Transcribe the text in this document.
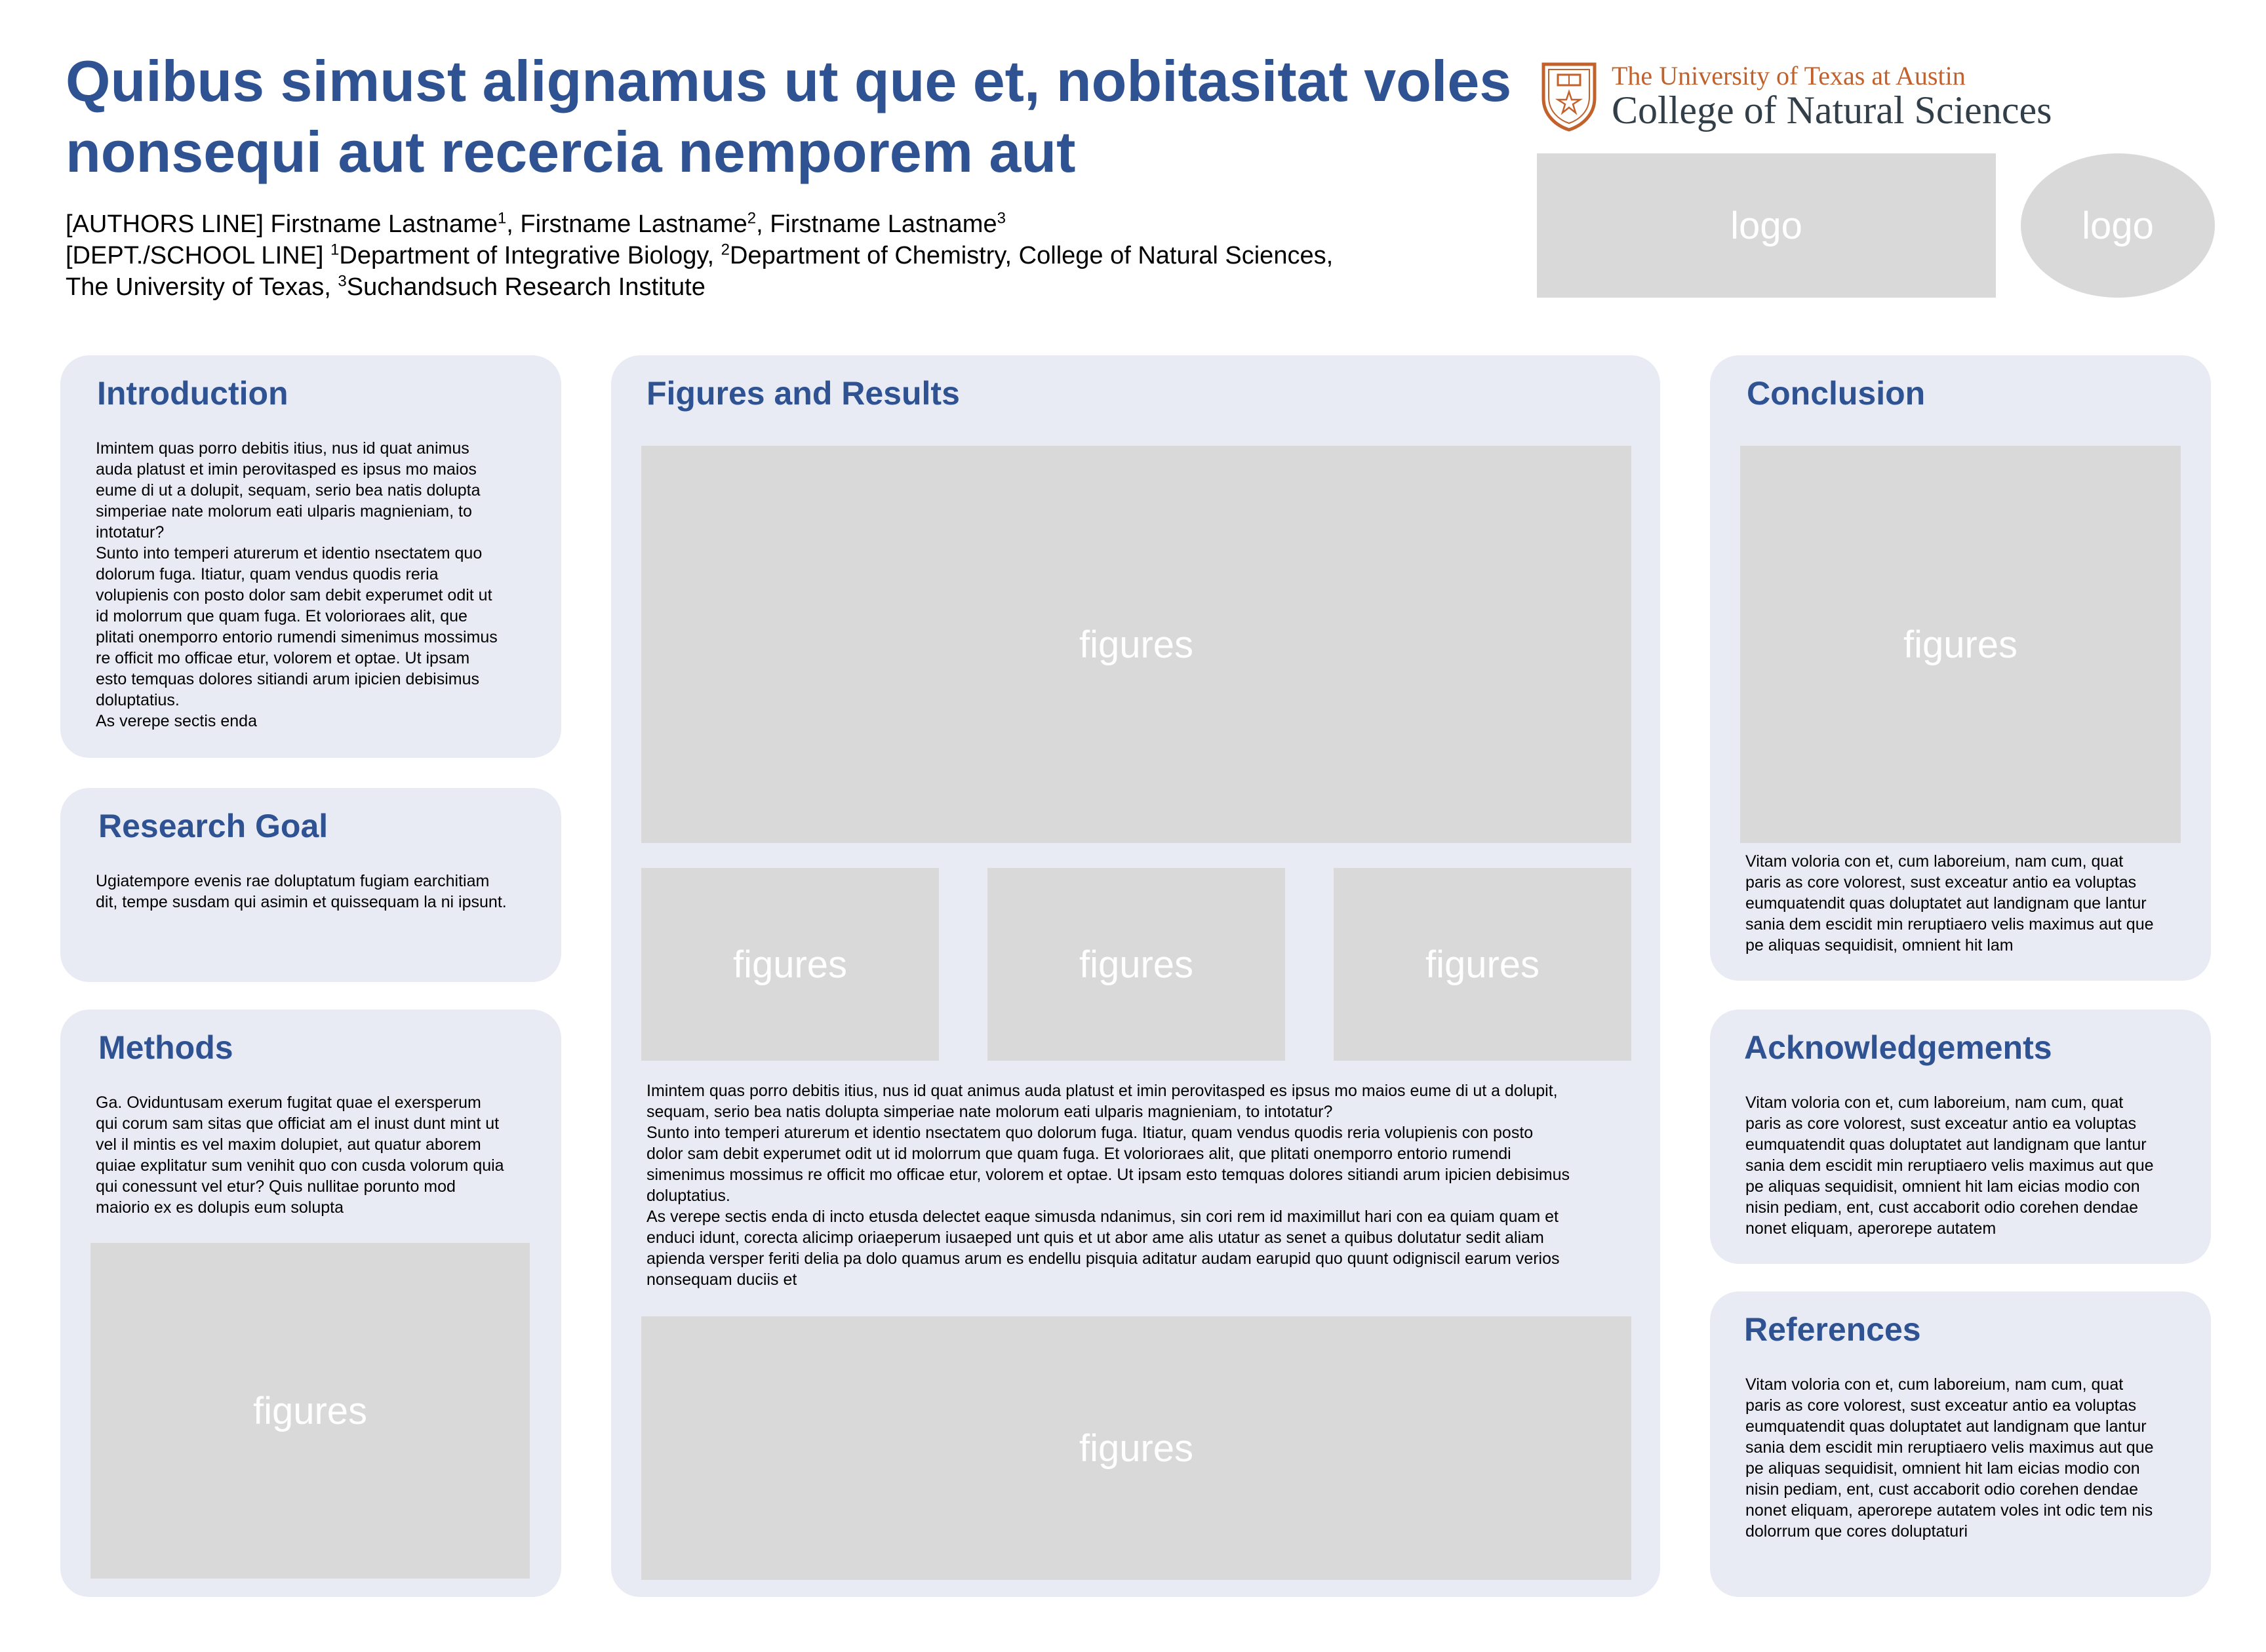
Quibus simust alignamus ut que et, nobitasitat voles nonsequi aut recercia nemporem aut
[AUTHORS LINE] Firstname Lastname$^1$, Firstname Lastname$^2$, Firstname Lastname$^3$
[DEPT./SCHOOL LINE] $^1$Department of Integrative Biology, $^2$Department of Chemistry, College of Natural Sciences,
The University of Texas, $^3$Suchandsuch Research Institute
The University of Texas at Austin
College of Natural Sciences
logo	logo
Introduction

Imintem quas porro debitis itius, nus id quat animus
auda platust et imin perovitasped es ipsus mo maios
eume di ut a dolupit, sequam, serio bea natis dolupta
simperiae nate molorum eati ulparis magnieniam, to
intotatur?
Sunto into temperi aturerum et identio nsectatem quo
dolorum fuga. Itiatur, quam vendus quodis reria
volupienis con posto dolor sam debit experumet odit ut
id molorrum que quam fuga. Et volorioraes alit, que
plitati onemporro entorio rumendi simenimus mossimus
re officit mo officae etur, volorem et optae. Ut ipsam
esto temquas dolores sitiandi arum ipicien debisimus
doluptatius.
As verepe sectis enda

Research Goal

Ugiatempore evenis rae doluptatum fugiam earchitiam
dit, tempe susdam qui asimin et quissequam la ni ipsunt.

Methods

Ga. Oviduntusam exerum fugitat quae el exersperum
qui corum sam sitas que officiat am el inust dunt mint ut
vel il mintis es vel maxim dolupiet, aut quatur aborem
quiae explitatur sum venihit quo con cusda volorum quia
qui conessunt vel etur? Quis nullitae porunto mod
maiorio ex es dolupis eum solupta

figures
Figures and Results
figures
figures	figures	figures

Imintem quas porro debitis itius, nus id quat animus auda platust et imin perovitasped es ipsus mo maios eume di ut a dolupit,
sequam, serio bea natis dolupta simperiae nate molorum eati ulparis magnieniam, to intotatur?
Sunto into temperi aturerum et identio nsectatem quo dolorum fuga. Itiatur, quam vendus quodis reria volupienis con posto
dolor sam debit experumet odit ut id molorrum que quam fuga. Et volorioraes alit, que plitati onemporro entorio rumendi
simenimus mossimus re officit mo officae etur, volorem et optae. Ut ipsam esto temquas dolores sitiandi arum ipicien debisimus
doluptatius.
As verepe sectis enda di incto etusda delectet eaque simusda ndanimus, sin cori rem id maximillut hari con ea quiam quam et
enduci idunt, corecta alicimp oriaeperum iusaeped unt quis et ut abor ame alis utatur as senet a quibus dolutatur sedit aliam
apienda versper feriti delia pa dolo quamus arum es endellu pisquia aditatur audam earupid quo quunt odigniscil earum verios
nonsequam duciis et

figures
Conclusion
figures

Vitam voloria con et, cum laboreium, nam cum, quat
paris as core volorest, sust exceatur antio ea voluptas
eumquatendit quas doluptatet aut landignam que lantur
sania dem escidit min reruptiaero velis maximus aut que
pe aliquas sequidisit, omnient hit lam

Acknowledgements

Vitam voloria con et, cum laboreium, nam cum, quat
paris as core volorest, sust exceatur antio ea voluptas
eumquatendit quas doluptatet aut landignam que lantur
sania dem escidit min reruptiaero velis maximus aut que
pe aliquas sequidisit, omnient hit lam eicias modio con
nisin pediam, ent, cust accaborit odio corehen dendae
nonet eliquam, aperorepe autatem

References

Vitam voloria con et, cum laboreium, nam cum, quat
paris as core volorest, sust exceatur antio ea voluptas
eumquatendit quas doluptatet aut landignam que lantur
sania dem escidit min reruptiaero velis maximus aut que
pe aliquas sequidisit, omnient hit lam eicias modio con
nisin pediam, ent, cust accaborit odio corehen dendae
nonet eliquam, aperorepe autatem voles int odic tem nis
dolorrum que cores doluptaturi
